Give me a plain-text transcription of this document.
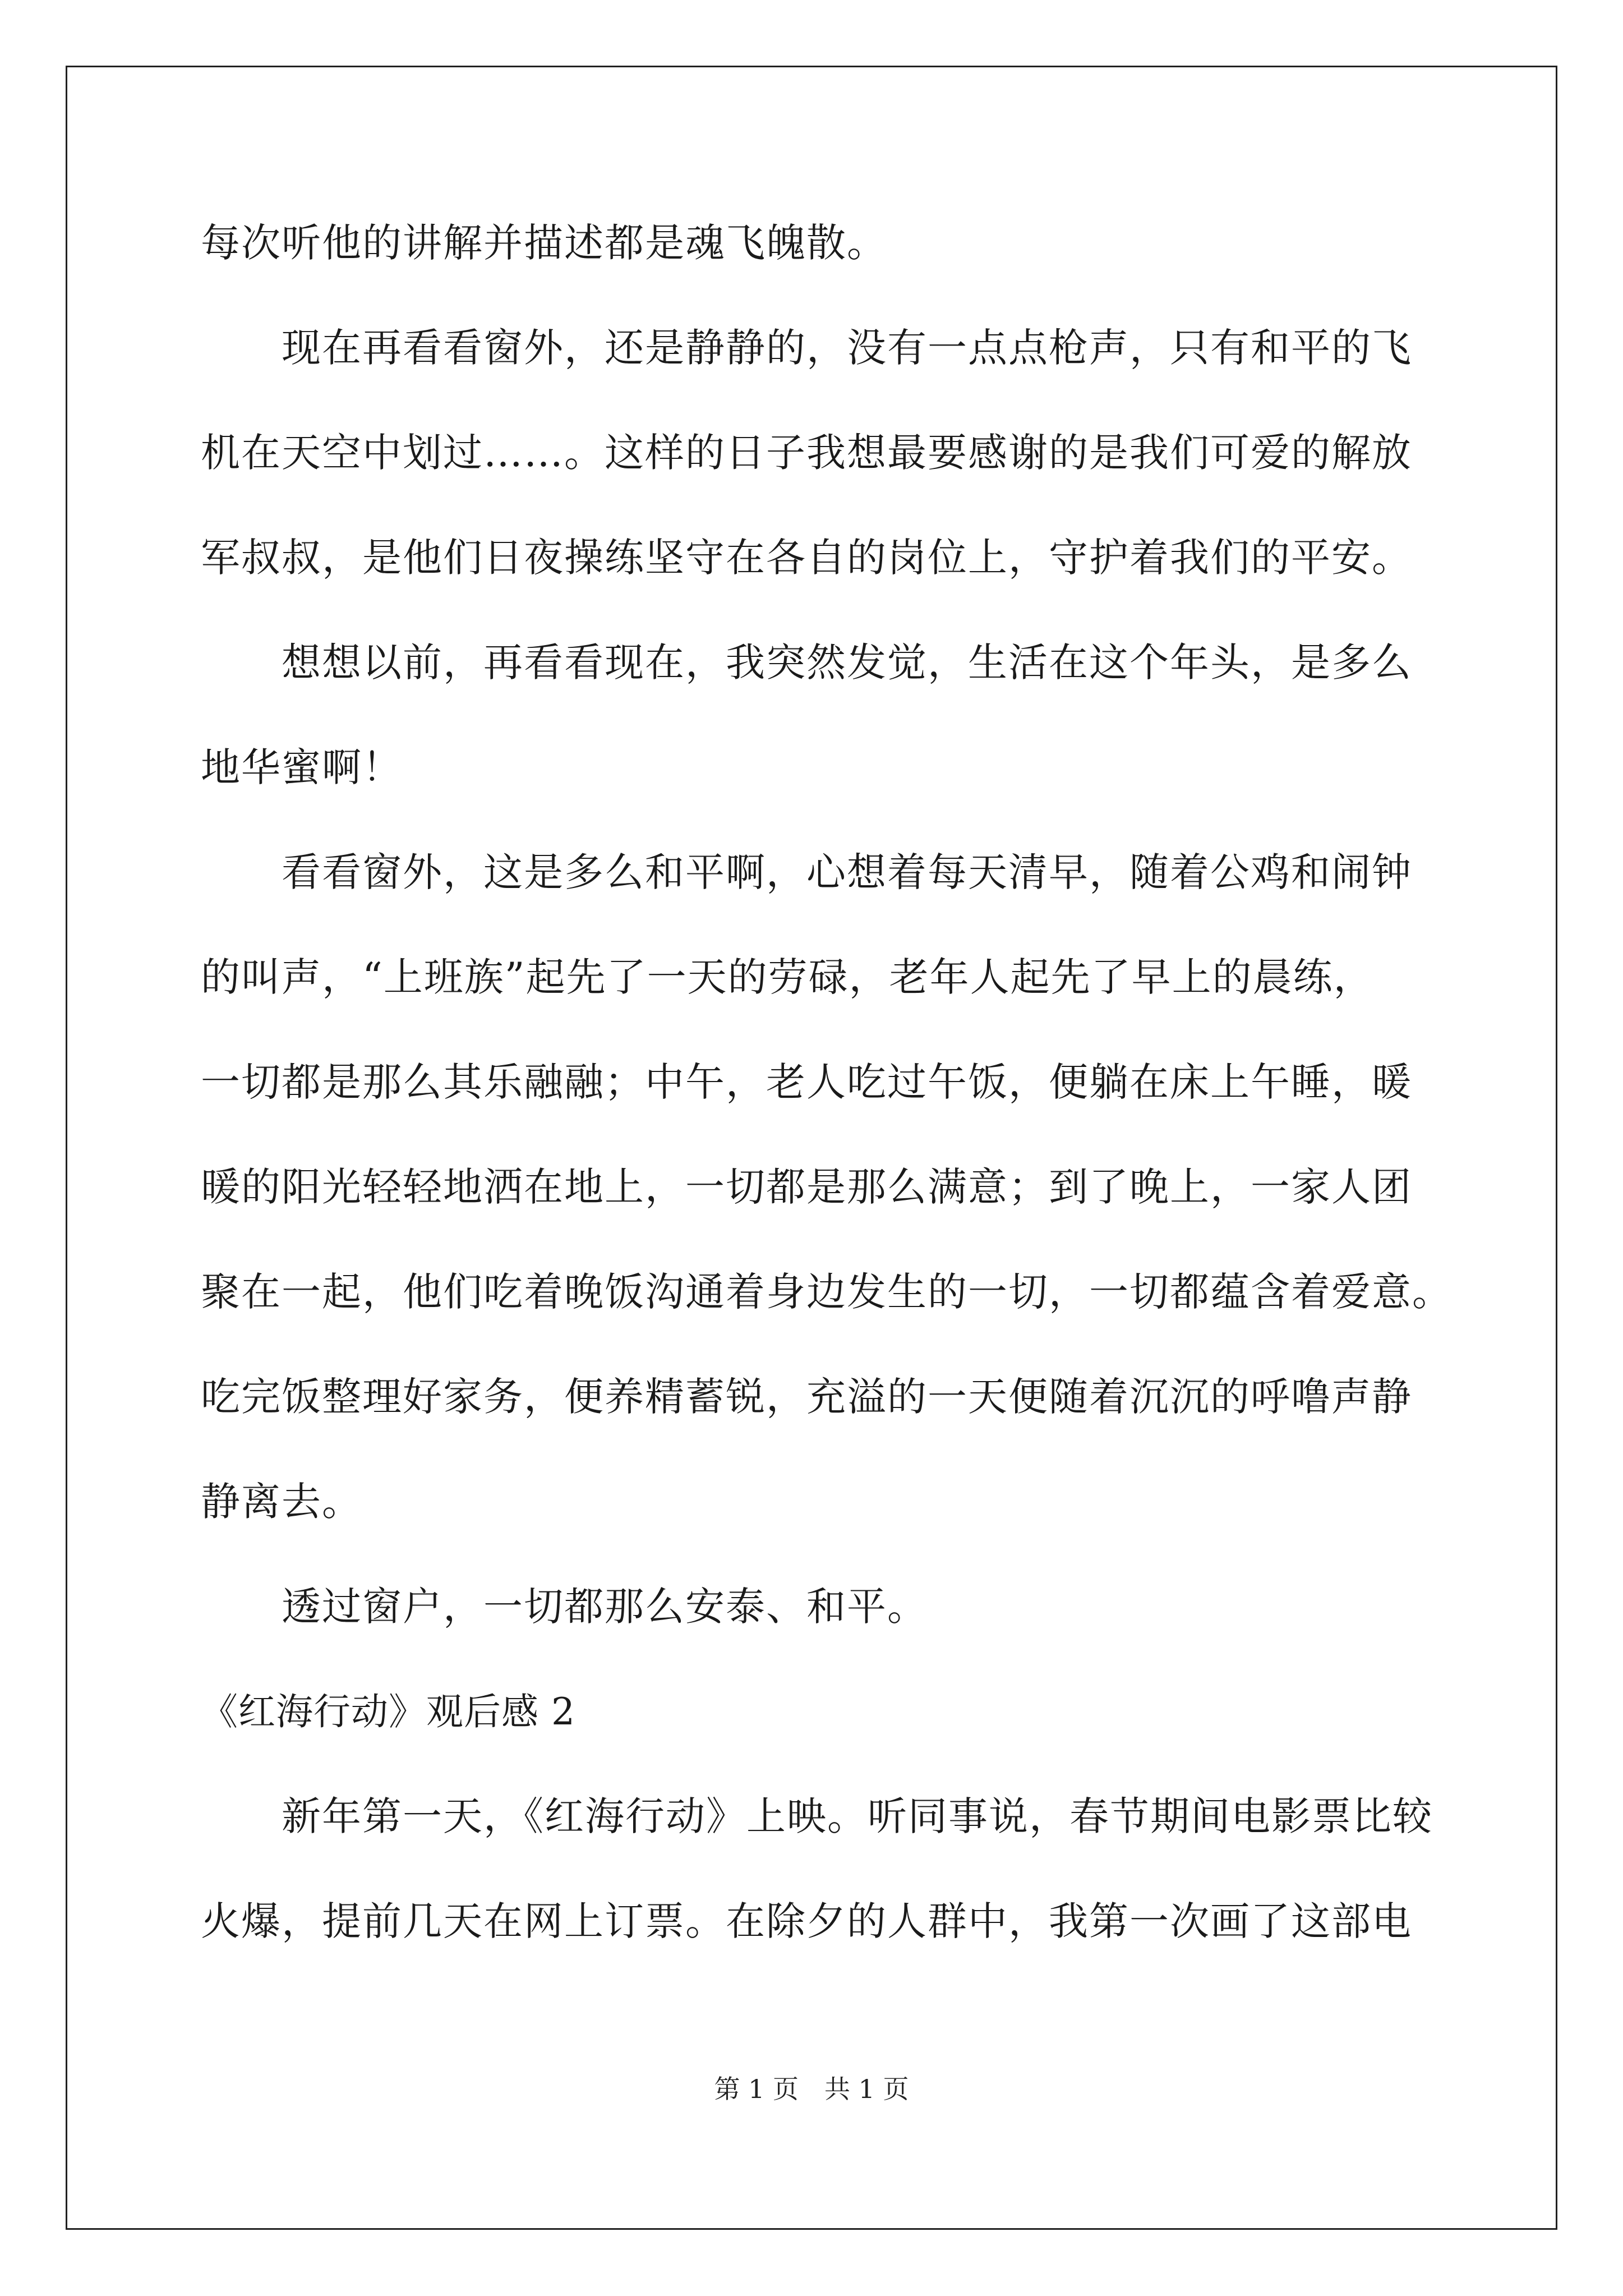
每次听他的讲解并描述都是魂飞魄散。
现在再看看窗外，还是静静的，没有一点点枪声，只有和平的飞
机在天空中划过……。这样的日子我想最要感谢的是我们可爱的解放
军叔叔，是他们日夜操练坚守在各自的岗位上，守护着我们的平安。
想想以前，再看看现在，我突然发觉，生活在这个年头，是多么
地华蜜啊！
看看窗外，这是多么和平啊，心想着每天清早，随着公鸡和闹钟
的叫声，“上班族”起先了一天的劳碌，老年人起先了早上的晨练，
一切都是那么其乐融融；中午，老人吃过午饭，便躺在床上午睡，暖
暖的阳光轻轻地洒在地上，一切都是那么满意；到了晚上，一家人团
聚在一起，他们吃着晚饭沟通着身边发生的一切，一切都蕴含着爱意。
吃完饭整理好家务，便养精蓄锐，充溢的一天便随着沉沉的呼噜声静
静离去。
透过窗户，一切都那么安泰、和平。
《红海行动》观后感 2
新年第一天，《红海行动》上映。听同事说，春节期间电影票比较
火爆，提前几天在网上订票。在除夕的人群中，我第一次画了这部电
第 1 页　共 1 页
